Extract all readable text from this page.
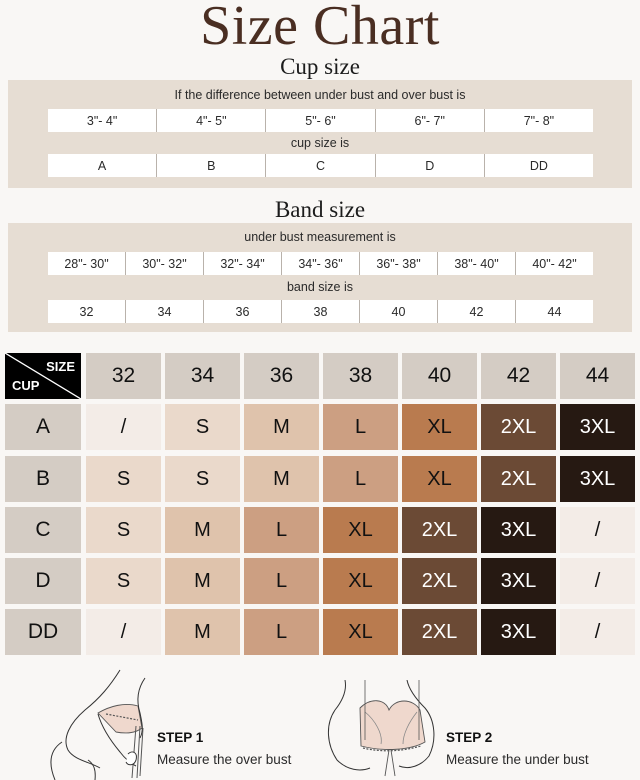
Size Chart
Cup size
If the difference between under bust and over bust is
3"- 4"	4"- 5"	5"- 6"	6"- 7"	7"- 8"
cup size is
A	B	C	D	DD
Band size
under bust measurement is
28"- 30"	30"- 32"	32"- 34"	34"- 36"	36"- 38"	38"- 40"	40"- 42"
band size is
32	34	36	38	40	42	44
SIZE
CUP	32	34	36	38	40	42	44
A	/	S	M	L	XL	2XL	3XL
B	S	S	M	L	XL	2XL	3XL
C	S	M	L	XL	2XL	3XL	/
D	S	M	L	XL	2XL	3XL	/
DD	/	M	L	XL	2XL	3XL	/
STEP 1
Measure the over bust
STEP 2
Measure the under bust
